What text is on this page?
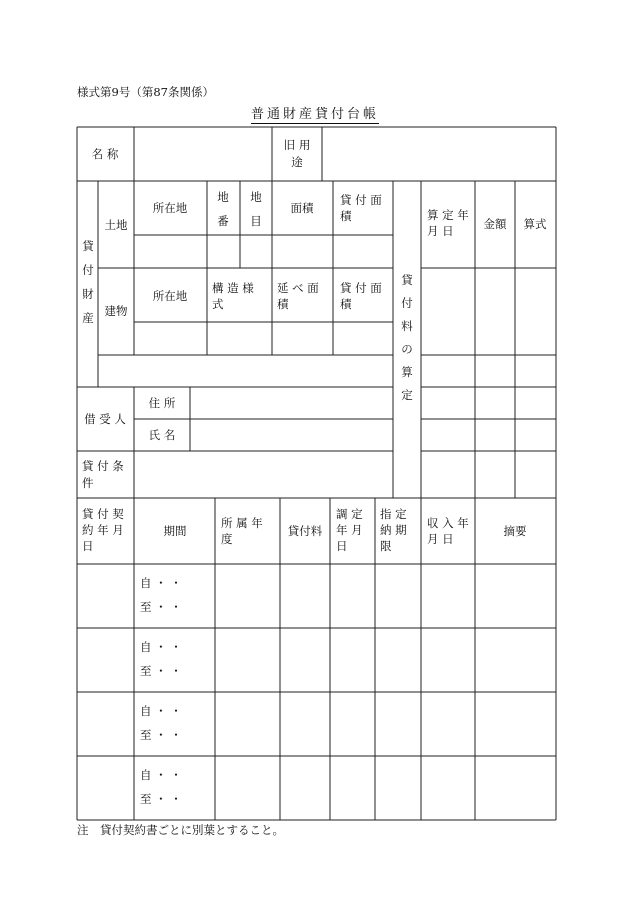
様式第9号（第87条関係）
普通財産貸付台帳
名 称
旧 用
途
貸
付
財
産
土地
所在地
地
番
地
目
面積
貸 付 面
積
貸
付
料
の
算
定
算 定 年
月 日	金額 算式
建物
所在地
構 造 様
式
延 べ 面
積
貸 付 面
積
借 受 人
住 所
氏 名
貸 付 条
件
貸 付 契
約 年 月
日
期間
所 属 年
度
貸付料
調 定
年 月
日
指 定
納 期
限
収 入 年
月 日
摘要
自 ・ ・
至 ・ ・
自 ・ ・
至 ・ ・
自 ・ ・
至 ・ ・
自 ・ ・
至 ・ ・
注　貸付契約書ごとに別葉とすること。
